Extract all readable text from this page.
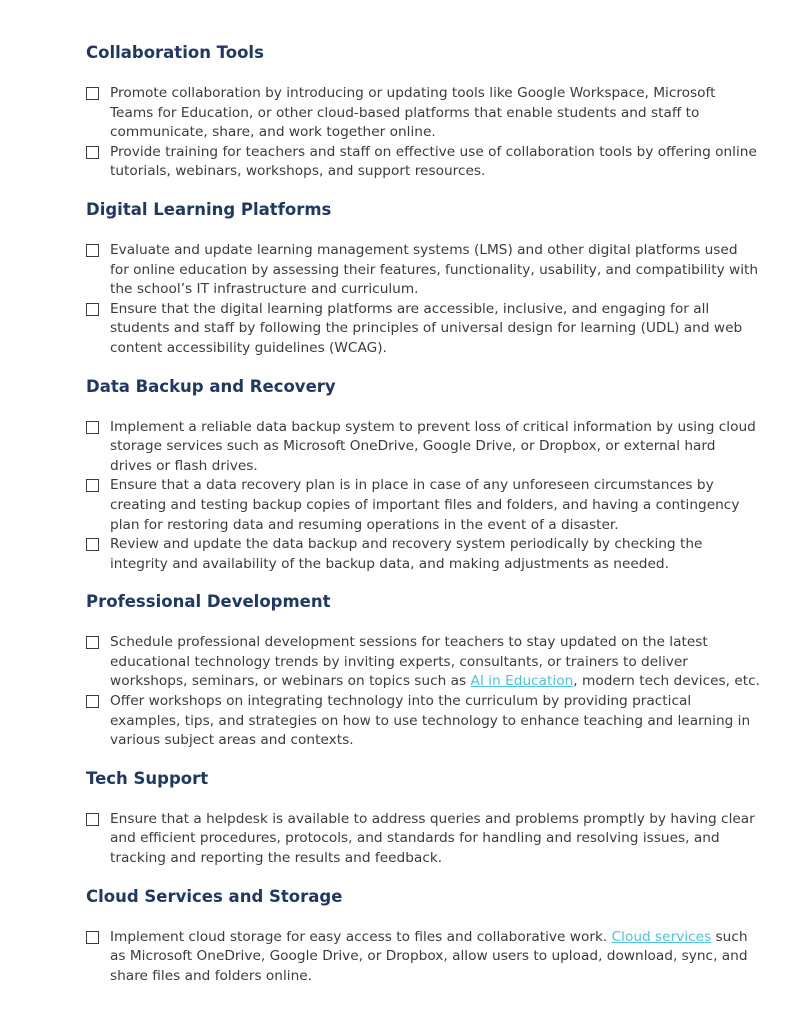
Collaboration Tools
Promote collaboration by introducing or updating tools like Google Workspace, Microsoft Teams for Education, or other cloud-based platforms that enable students and staff to communicate, share, and work together online.
Provide training for teachers and staff on effective use of collaboration tools by offering online tutorials, webinars, workshops, and support resources.
Digital Learning Platforms
Evaluate and update learning management systems (LMS) and other digital platforms used for online education by assessing their features, functionality, usability, and compatibility with the school’s IT infrastructure and curriculum.
Ensure that the digital learning platforms are accessible, inclusive, and engaging for all students and staff by following the principles of universal design for learning (UDL) and web content accessibility guidelines (WCAG).
Data Backup and Recovery
Implement a reliable data backup system to prevent loss of critical information by using cloud storage services such as Microsoft OneDrive, Google Drive, or Dropbox, or external hard drives or flash drives.
Ensure that a data recovery plan is in place in case of any unforeseen circumstances by creating and testing backup copies of important files and folders, and having a contingency plan for restoring data and resuming operations in the event of a disaster.
Review and update the data backup and recovery system periodically by checking the integrity and availability of the backup data, and making adjustments as needed.
Professional Development
Schedule professional development sessions for teachers to stay updated on the latest educational technology trends by inviting experts, consultants, or trainers to deliver workshops, seminars, or webinars on topics such as AI in Education, modern tech devices, etc.
Offer workshops on integrating technology into the curriculum by providing practical examples, tips, and strategies on how to use technology to enhance teaching and learning in various subject areas and contexts.
Tech Support
Ensure that a helpdesk is available to address queries and problems promptly by having clear and efficient procedures, protocols, and standards for handling and resolving issues, and tracking and reporting the results and feedback.
Cloud Services and Storage
Implement cloud storage for easy access to files and collaborative work. Cloud services such as Microsoft OneDrive, Google Drive, or Dropbox, allow users to upload, download, sync, and share files and folders online.
